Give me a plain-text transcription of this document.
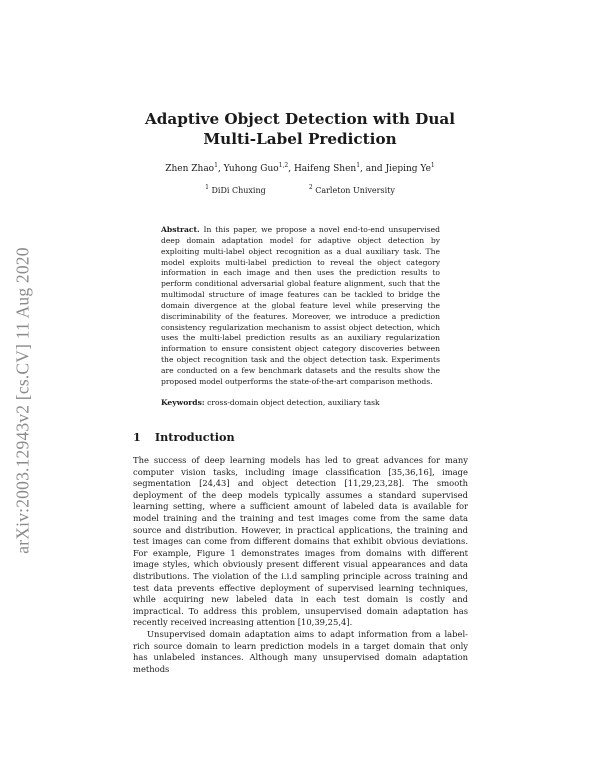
arXiv:2003.12943v2 [cs.CV] 11 Aug 2020
Adaptive Object Detection with Dual
Multi-Label Prediction
Zhen Zhao$^1$, Yuhong Guo$^{1,2}$, Haifeng Shen$^1$, and Jieping Ye$^1$
$^1$ DiDi Chuxing	$^2$ Carleton University
Abstract. In this paper, we propose a novel end-to-end unsupervised deep domain adaptation model for adaptive object detection by exploiting multi-label object recognition as a dual auxiliary task. The model exploits multi-label prediction to reveal the object category information in each image and then uses the prediction results to perform conditional adversarial global feature alignment, such that the multimodal structure of image features can be tackled to bridge the domain divergence at the global feature level while preserving the discriminability of the features. Moreover, we introduce a prediction consistency regularization mechanism to assist object detection, which uses the multi-label prediction results as an auxiliary regularization information to ensure consistent object category discoveries between the object recognition task and the object detection task. Experiments are conducted on a few benchmark datasets and the results show the proposed model outperforms the state-of-the-art comparison methods.
Keywords: cross-domain object detection, auxiliary task
1 Introduction

The success of deep learning models has led to great advances for many computer vision tasks, including image classification [35,36,16], image segmentation [24,43] and object detection [11,29,23,28]. The smooth deployment of the deep models typically assumes a standard supervised learning setting, where a sufficient amount of labeled data is available for model training and the training and test images come from the same data source and distribution. However, in practical applications, the training and test images can come from different domains that exhibit obvious deviations. For example, Figure 1 demonstrates images from domains with different image styles, which obviously present different visual appearances and data distributions. The violation of the i.i.d sampling principle across training and test data prevents effective deployment of supervised learning techniques, while acquiring new labeled data in each test domain is costly and impractical. To address this problem, unsupervised domain adaptation has recently received increasing attention [10,39,25,4].

Unsupervised domain adaptation aims to adapt information from a label-rich source domain to learn prediction models in a target domain that only has unlabeled instances. Although many unsupervised domain adaptation methods
